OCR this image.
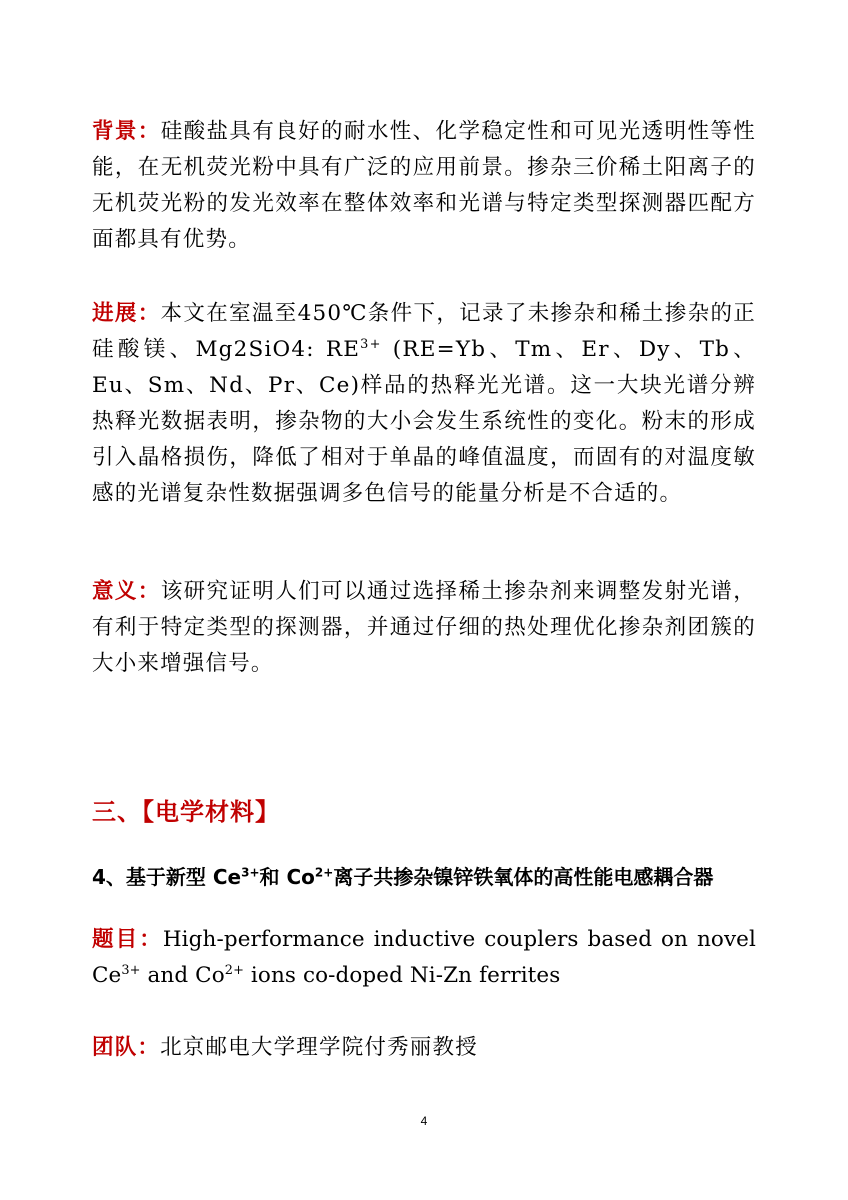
背景：硅酸盐具有良好的耐水性、化学稳定性和可见光透明性等性能，在无机荧光粉中具有广泛的应用前景。掺杂三价稀土阳离子的无机荧光粉的发光效率在整体效率和光谱与特定类型探测器匹配方面都具有优势。

进展：本文在室温至450℃条件下，记录了未掺杂和稀土掺杂的正硅酸镁、Mg2SiO4: $RE^{3+}$ (RE=Yb、Tm、Er、Dy、Tb、Eu、Sm、Nd、Pr、Ce)样品的热释光光谱。这一大块光谱分辨热释光数据表明，掺杂物的大小会发生系统性的变化。粉末的形成引入晶格损伤，降低了相对于单晶的峰值温度，而固有的对温度敏感的光谱复杂性数据强调多色信号的能量分析是不合适的。

意义：该研究证明人们可以通过选择稀土掺杂剂来调整发射光谱，有利于特定类型的探测器，并通过仔细的热处理优化掺杂剂团簇的大小来增强信号。

三、【电学材料】
4、基于新型 $Ce^{3+}$和 $Co^{2+}$离子共掺杂镍锌铁氧体的高性能电感耦合器

题目：High-performance inductive couplers based on novel $Ce^{3+}$ and $Co^{2+}$ ions co-doped Ni-Zn ferrites

团队：北京邮电大学理学院付秀丽教授

4
